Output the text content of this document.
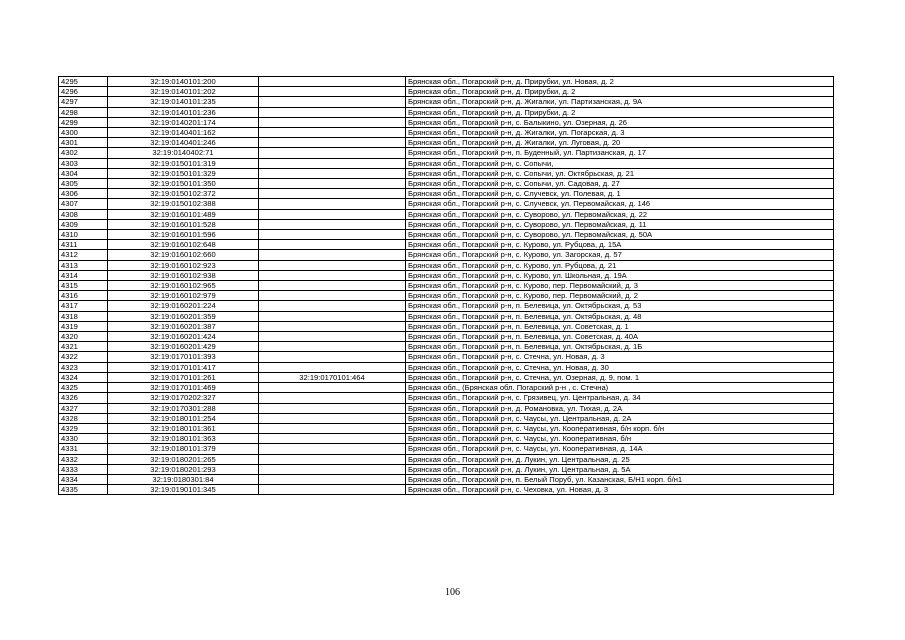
4295	32:19:0140101:200		Брянская обл., Погарский р-н, д. Прирубки, ул. Новая, д. 2
4296	32:19:0140101:202		Брянская обл., Погарский р-н, д. Прирубки, д. 2
4297	32:19:0140101:235		Брянская обл., Погарский р-н, д. Жигалки, ул. Партизанская, д. 9А
4298	32:19:0140101:236		Брянская обл., Погарский р-н, д. Прирубки, д. 2
4299	32:19:0140201:174		Брянская обл., Погарский р-н, с. Балыкино, ул. Озерная, д. 26
4300	32:19:0140401:162		Брянская обл., Погарский р-н, д. Жигалки, ул. Погарская, д. 3
4301	32:19:0140401:246		Брянская обл., Погарский р-н, д. Жигалки, ул. Луговая, д. 20
4302	32:19:0140402:71		Брянская обл., Погарский р-н, п. Буденный, ул. Партизанская, д. 17
4303	32:19:0150101:319		Брянская обл., Погарский р-н, с. Сопычи,
4304	32:19:0150101:329		Брянская обл., Погарский р-н, с. Сопычи, ул. Октябрьская, д. 21
4305	32:19:0150101:350		Брянская обл., Погарский р-н, с. Сопычи, ул. Садовая, д. 27
4306	32:19:0150102:372		Брянская обл., Погарский р-н, с. Случевск, ул. Полевая, д. 1
4307	32:19:0150102:388		Брянская обл., Погарский р-н, с. Случевск, ул. Первомайская, д. 146
4308	32:19:0160101:489		Брянская обл., Погарский р-н, с. Суворово, ул. Первомайская, д. 22
4309	32:19:0160101:528		Брянская обл., Погарский р-н, с. Суворово, ул. Первомайская, д. 11
4310	32:19:0160101:596		Брянская обл., Погарский р-н, с. Суворово, ул. Первомайская, д. 50А
4311	32:19:0160102:648		Брянская обл., Погарский р-н, с. Курово, ул. Рубцова, д. 15А
4312	32:19:0160102:660		Брянская обл., Погарский р-н, с. Курово, ул. Загорская, д. 57
4313	32:19:0160102:923		Брянская обл., Погарский р-н, с. Курово, ул. Рубцова, д. 21
4314	32:19:0160102:938		Брянская обл., Погарский р-н, с. Курово, ул. Школьная, д. 19А
4315	32:19:0160102:965		Брянская обл., Погарский р-н, с. Курово, пер. Первомайский, д. 3
4316	32:19:0160102:979		Брянская обл., Погарский р-н, с. Курово, пер. Первомайский, д. 2
4317	32:19:0160201:224		Брянская обл., Погарский р-н, п. Белевица, ул. Октябрьская, д. 53
4318	32:19:0160201:359		Брянская обл., Погарский р-н, п. Белевица, ул. Октябрьская, д. 48
4319	32:19:0160201:387		Брянская обл., Погарский р-н, п. Белевица, ул. Советская, д. 1
4320	32:19:0160201:424		Брянская обл., Погарский р-н, п. Белевица, ул. Советская, д. 40А
4321	32:19:0160201:429		Брянская обл., Погарский р-н, п. Белевица, ул. Октябрьская, д. 1Б
4322	32:19:0170101:393		Брянская обл., Погарский р-н, с. Стечна, ул. Новая, д. 3
4323	32:19:0170101:417		Брянская обл., Погарский р-н, с. Стечна, ул. Новая, д. 30
4324	32:19:0170101:261	32:19:0170101:464	Брянская обл., Погарский р-н, с. Стечна, ул. Озерная, д. 9, пом. 1
4325	32:19:0170101:469		Брянская обл., (Брянская обл. Погарский р-н , с. Стечна)
4326	32:19:0170202:327		Брянская обл., Погарский р-н, с. Грязивец, ул. Центральная, д. 34
4327	32:19:0170301:288		Брянская обл., Погарский р-н, д. Романовка, ул. Тихая, д. 2А
4328	32:19:0180101:254		Брянская обл., Погарский р-н, с. Чаусы, ул. Центральная, д. 2А
4329	32:19:0180101:361		Брянская обл., Погарский р-н, с. Чаусы, ул. Кооперативная, б/н корп. б/н
4330	32:19:0180101:363		Брянская обл., Погарский р-н, с. Чаусы, ул. Кооперативная, б/н
4331	32:19:0180101:379		Брянская обл., Погарский р-н, с. Чаусы, ул. Кооперативная, д. 14А
4332	32:19:0180201:265		Брянская обл., Погарский р-н, д. Лукин, ул. Центральная, д. 25
4333	32:19:0180201:293		Брянская обл., Погарский р-н, д. Лукин, ул. Центральная, д. 5А
4334	32:19:0180301:84		Брянская обл., Погарский р-н, п. Белый Поруб, ул. Казанская, Б/Н1 корп. б/н1
4335	32:19:0190101:345		Брянская обл., Погарский р-н, с. Чеховка, ул. Новая, д. 3
106
